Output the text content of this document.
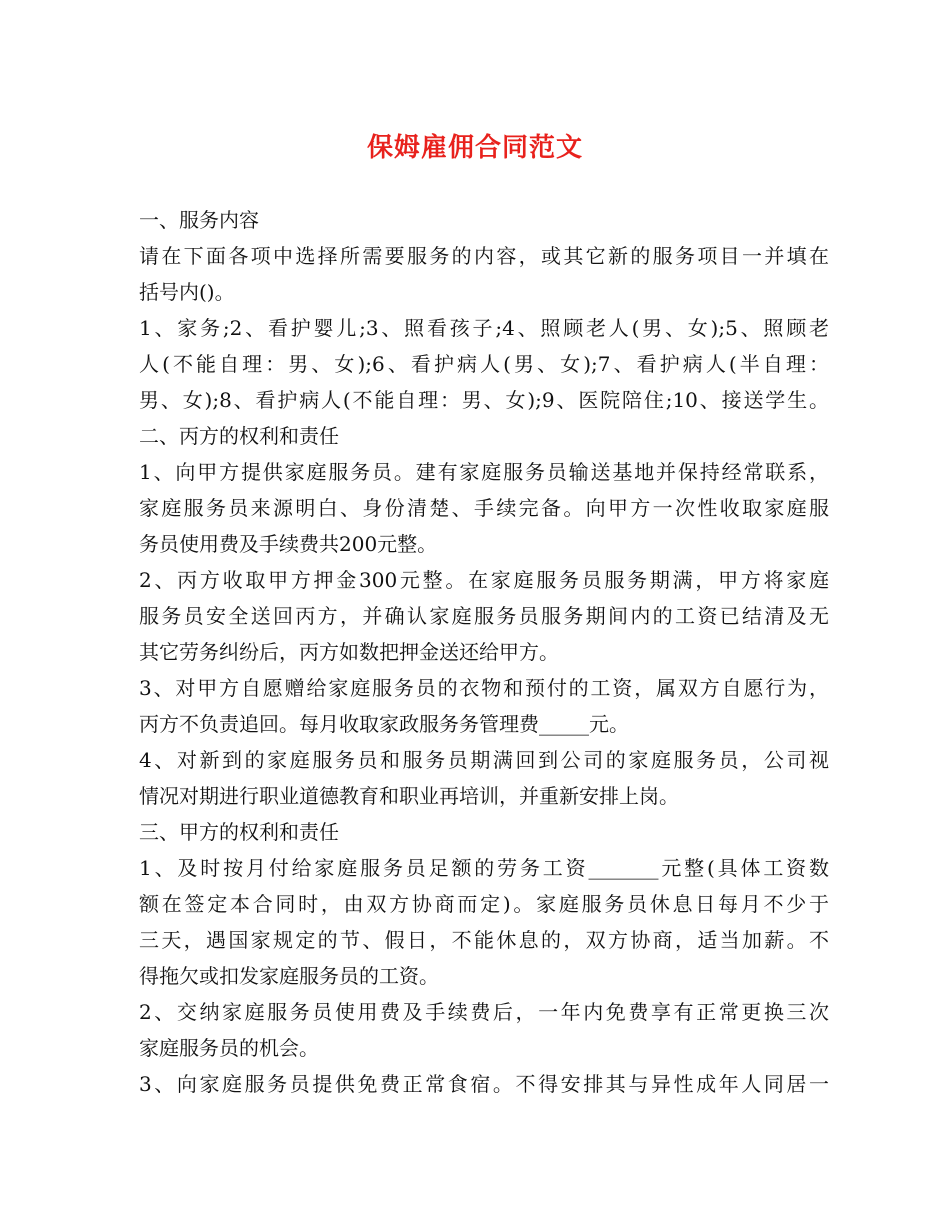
保姆雇佣合同范文
一、服务内容
请在下面各项中选择所需要服务的内容，或其它新的服务项目一并填在
括号内()。
1、家务;2、看护婴儿;3、照看孩子;4、照顾老人(男、女);5、照顾老
人(不能自理：男、女);6、看护病人(男、女);7、看护病人(半自理：
男、女);8、看护病人(不能自理：男、女);9、医院陪住;10、接送学生。
二、丙方的权利和责任
1、向甲方提供家庭服务员。建有家庭服务员输送基地并保持经常联系，
家庭服务员来源明白、身份清楚、手续完备。向甲方一次性收取家庭服
务员使用费及手续费共200元整。
2、丙方收取甲方押金300元整。在家庭服务员服务期满，甲方将家庭
服务员安全送回丙方，并确认家庭服务员服务期间内的工资已结清及无
其它劳务纠纷后，丙方如数把押金送还给甲方。
3、对甲方自愿赠给家庭服务员的衣物和预付的工资，属双方自愿行为，
丙方不负责追回。每月收取家政服务务管理费_____元。
4、对新到的家庭服务员和服务员期满回到公司的家庭服务员，公司视
情况对期进行职业道德教育和职业再培训，并重新安排上岗。
三、甲方的权利和责任
1、及时按月付给家庭服务员足额的劳务工资_______元整(具体工资数
额在签定本合同时，由双方协商而定)。家庭服务员休息日每月不少于
三天，遇国家规定的节、假日，不能休息的，双方协商，适当加薪。不
得拖欠或扣发家庭服务员的工资。
2、交纳家庭服务员使用费及手续费后，一年内免费享有正常更换三次
家庭服务员的机会。
3、向家庭服务员提供免费正常食宿。不得安排其与异性成年人同居一
